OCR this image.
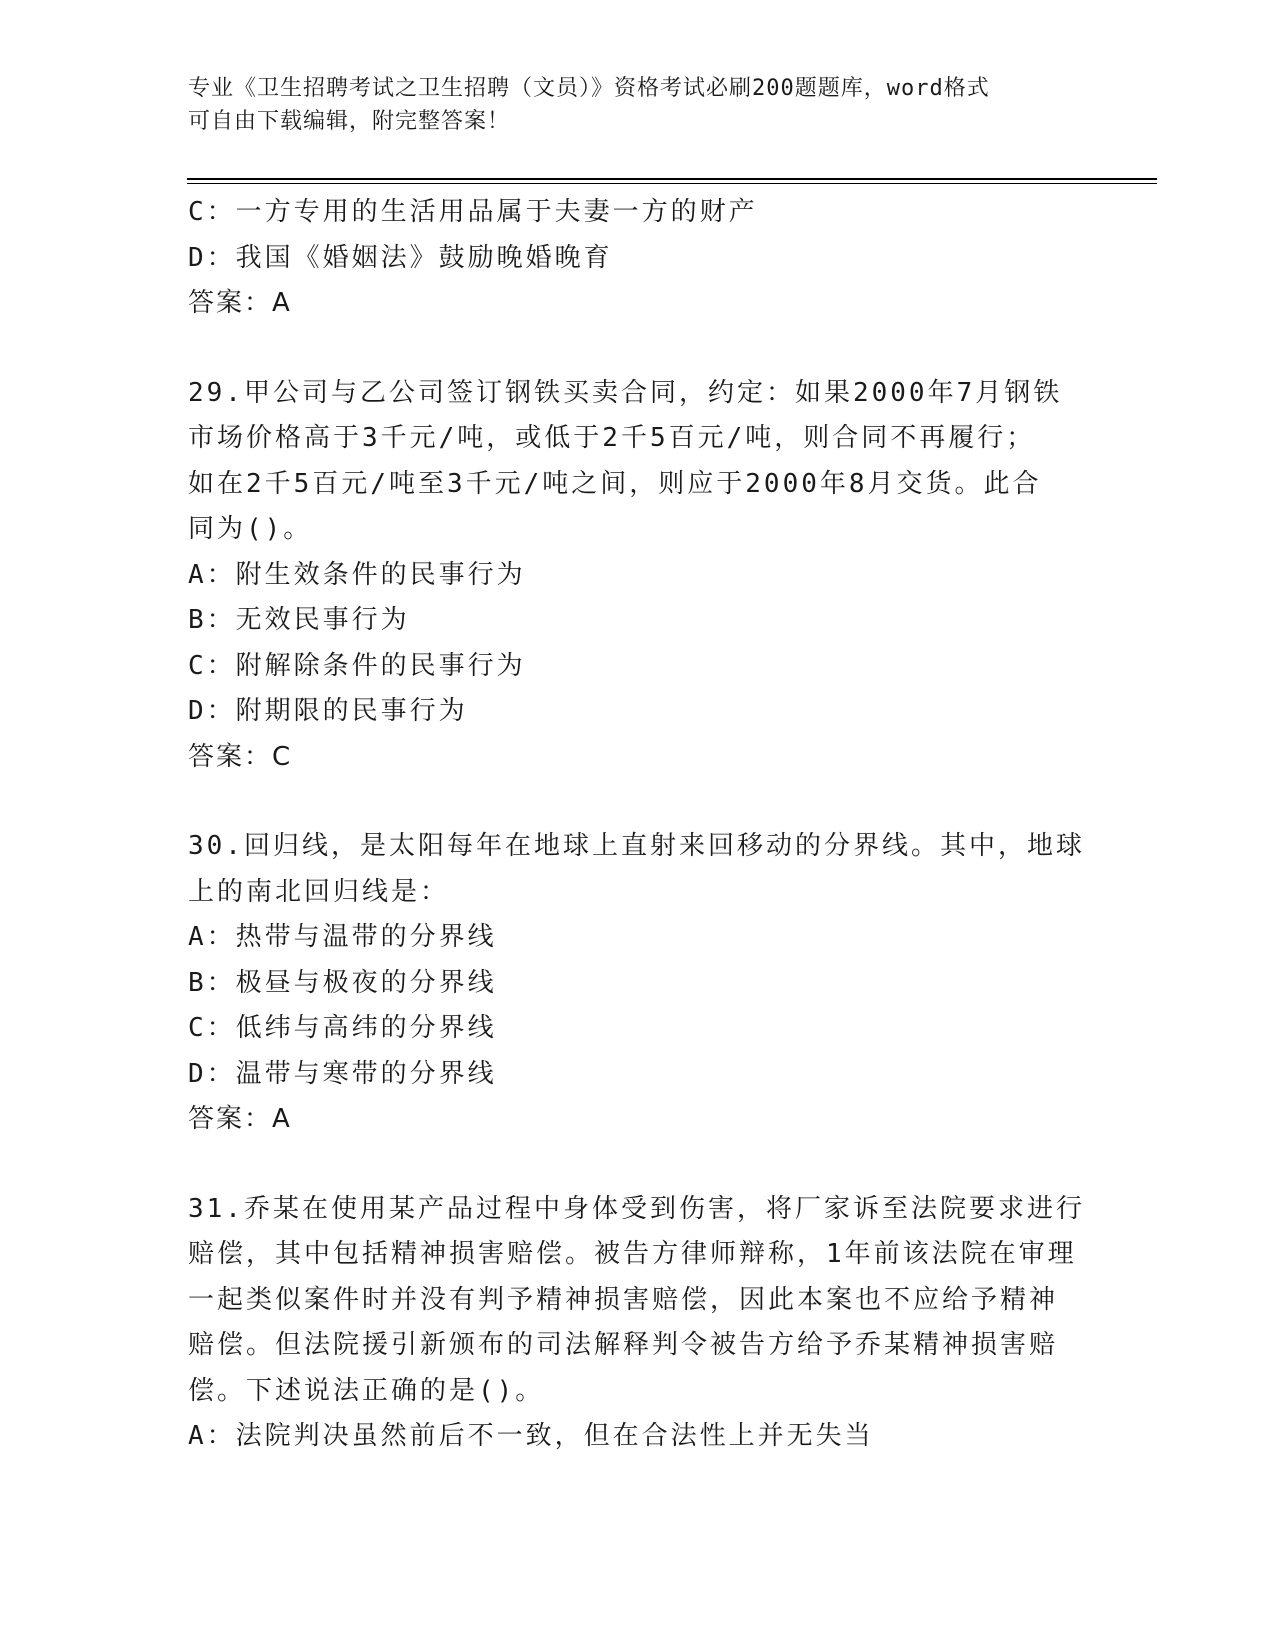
专业《卫生招聘考试之卫生招聘（文员）》资格考试必刷200题题库，word格式
可自由下载编辑，附完整答案！
C：一方专用的生活用品属于夫妻一方的财产
D：我国《婚姻法》鼓励晚婚晚育
答案：A
29.甲公司与乙公司签订钢铁买卖合同，约定：如果2000年7月钢铁
市场价格高于3千元/吨，或低于2千5百元/吨，则合同不再履行；
如在2千5百元/吨至3千元/吨之间，则应于2000年8月交货。此合
同为()。
A：附生效条件的民事行为
B：无效民事行为
C：附解除条件的民事行为
D：附期限的民事行为
答案：C
30.回归线，是太阳每年在地球上直射来回移动的分界线。其中，地球
上的南北回归线是：
A：热带与温带的分界线
B：极昼与极夜的分界线
C：低纬与高纬的分界线
D：温带与寒带的分界线
答案：A
31.乔某在使用某产品过程中身体受到伤害，将厂家诉至法院要求进行
赔偿，其中包括精神损害赔偿。被告方律师辩称，1年前该法院在审理
一起类似案件时并没有判予精神损害赔偿，因此本案也不应给予精神
赔偿。但法院援引新颁布的司法解释判令被告方给予乔某精神损害赔
偿。下述说法正确的是()。
A：法院判决虽然前后不一致，但在合法性上并无失当
